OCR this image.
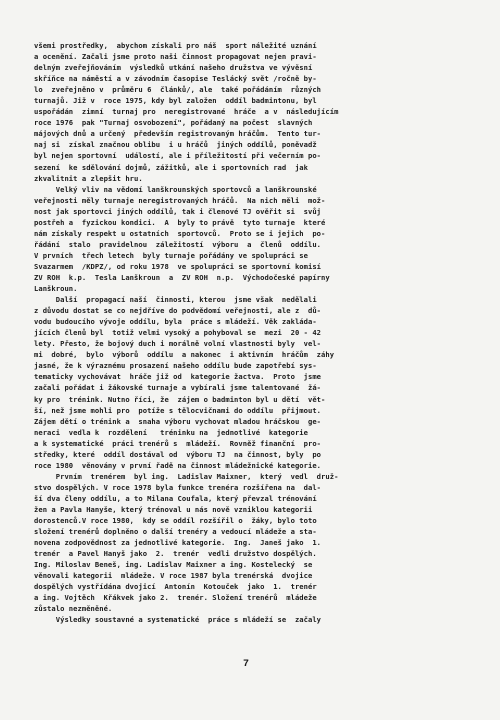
všemi prostředky,  abychom získali pro náš  sport náležité uznání
a ocenění. Začali jsme proto naši činnost propagovat nejen pravi-
delným zveřejňováním  výsledků utkání našeho družstva ve vývěsní
skříňce na náměstí a v závodním časopise Teslácký svět /ročně by-
lo  zveřejněno v  průměru 6  článků/, ale  také pořádáním  různých
turnajů. Již v  roce 1975, kdy byl založen  oddíl badmintonu, byl
uspořádán  zimní  turnaj pro  neregistrované  hráče  a v  následujícím
roce 1976  pak "Turnaj osvobození", pořádaný na počest  slavných
májových dnů a určený  především registrovaným hráčům.  Tento tur-
naj si  získal značnou oblibu  i u hráčů  jiných oddílů, poněvadž
byl nejen sportovní  událostí, ale i příležitostí při večerním po-
sezení  ke sdělování dojmů, zážitků, ale i sportovních rad  jak
zkvalitnit a zlepšit hru.
Velký vliv na vědomí lanškrounských sportovců a lanškrounské
veřejnosti měly turnaje neregistrovaných hráčů.  Na nich měli  mož-
nost jak sportovci jiných oddílů, tak i členové TJ ověřit si  svůj
postřeh a  fyzickou kondici.  A  byly to právě  tyto turnaje  které
nám získaly respekt u ostatních  sportovců.  Proto se i jejich  po-
řádání  stalo  pravidelnou  záležitostí  výboru  a  členů  oddílu.
V prvních  třech letech  byly turnaje pořádány ve spolupráci se
Svazarmem  /KDPZ/, od roku 1978  ve spolupráci se sportovní komisí
ZV ROH  k.p.  Tesla Lanškroun  a  ZV ROH  n.p.  Východočeské papírny
Lanškroun.
Další  propagací naší  činnosti, kterou  jsme však  nedělali
z důvodu dostat se co nejdříve do podvědomí veřejnosti, ale z  dů-
vodu budoucího vývoje oddílu, byla  práce s mládeží. Věk zakláda-
jících členů byl  totiž velmi vysoký a pohyboval se  mezi  20 - 42
lety. Přesto, že bojový duch i morálně volní vlastnosti byly  vel-
mi  dobré,  bylo  výborů  oddílu  a nakonec  i aktivním  hráčům  záhy
jasné, že k výraznému prosazení našeho oddílu bude zapotřebí sys-
tematicky vychovávat  hráče již od  kategorie žactva.  Proto  jsme
začali pořádat i žákovské turnaje a vybírali jsme talentované  žá-
ky pro  trénink. Nutno říci, že  zájem o badminton byl u dětí  vět-
ší, než jsme mohli pro  potíže s tělocvičnami do oddílu  přijmout.
Zájem dětí o trénink a  snaha výboru vychovat mladou hráčskou  ge-
neraci  vedla k  rozdělení   tréninku na  jednotlivé  kategorie
a k systematické  práci trenérů s  mládeží.  Rovněž finanční  pro-
středky, které  oddíl dostával od  výboru TJ  na činnost, byly  po
roce 1980  věnovány v první řadě na činnost mládežnické kategorie.
Prvním  trenérem  byl ing.  Ladislav Maixner,  který  vedl  druž-
stvo dospělých. V roce 1978 byla funkce trenéra rozšířena na  dal-
ší dva členy oddílu, a to Milana Coufala, který převzal trénování
žen a Pavla Hanyše, který trénoval u nás nově vzniklou kategorii
dorostenců.V roce 1980,  kdy se oddíl rozšířil o  žáky, bylo toto
složení trenérů doplněno o další trenéry a vedoucí mládeže a sta-
novena zodpovědnost za jednotlivé kategorie.  Ing.  Janeš jako  1.
trenér  a Pavel Hanyš jako  2.  trenér  vedli družstvo dospělých.
Ing. Miloslav Beneš, ing. Ladislav Maixner a ing. Kostelecký  se
věnovali kategorii  mládeže. V roce 1987 byla trenérská  dvojice
dospělých vystřídána dvojicí  Antonín  Kotouček  jako  1.  trenér
a ing. Vojtěch  Křákvek jako 2.  trenér. Složení trenérů  mládeže
zůstalo nezměněné.
Výsledky soustavné a systematické  práce s mládeží se  začaly
7
